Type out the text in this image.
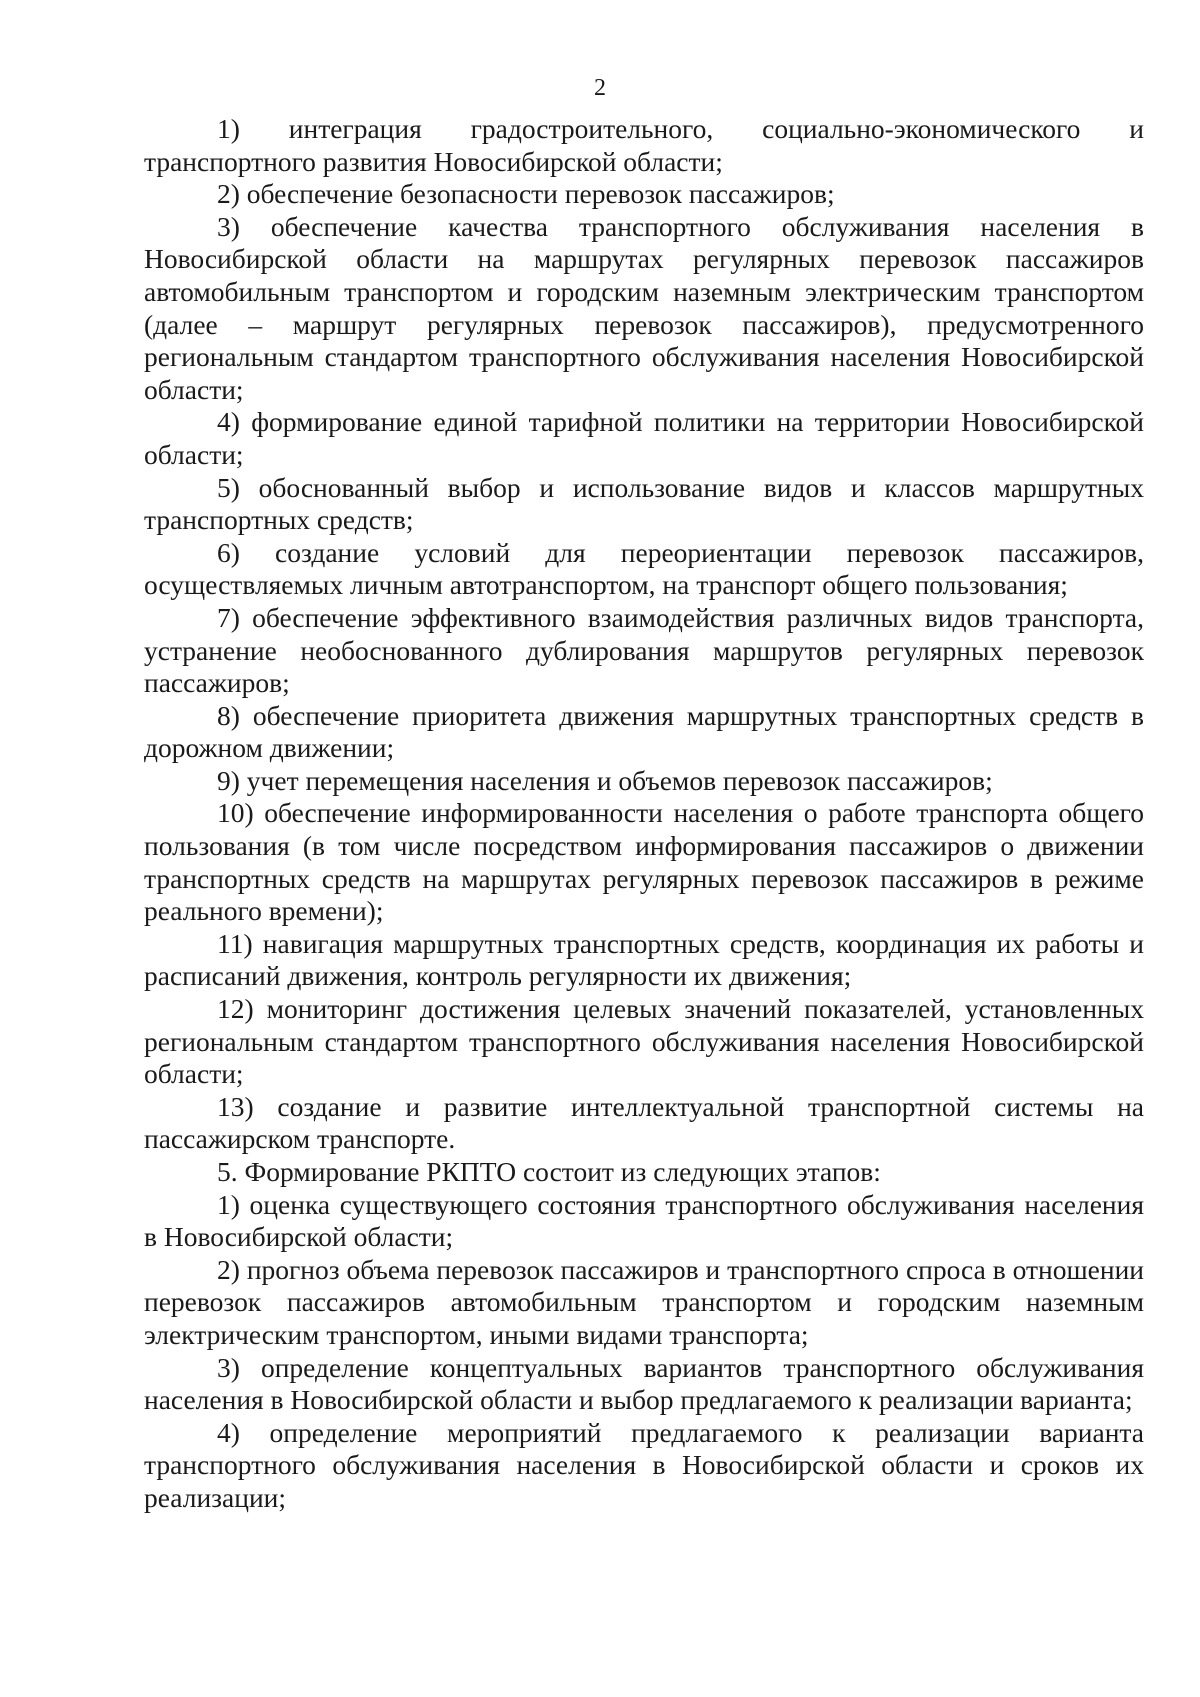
2

1) интеграция градостроительного, социально-экономического и транспортного развития Новосибирской области;

2) обеспечение безопасности перевозок пассажиров;

3) обеспечение качества транспортного обслуживания населения в Новосибирской области на маршрутах регулярных перевозок пассажиров автомобильным транспортом и городским наземным электрическим транспортом (далее – маршрут регулярных перевозок пассажиров), предусмотренного региональным стандартом транспортного обслуживания населения Новосибирской области;

4) формирование единой тарифной политики на территории Новосибирской области;

5) обоснованный выбор и использование видов и классов маршрутных транспортных средств;

6) создание условий для переориентации перевозок пассажиров, осуществляемых личным автотранспортом, на транспорт общего пользования;

7) обеспечение эффективного взаимодействия различных видов транспорта, устранение необоснованного дублирования маршрутов регулярных перевозок пассажиров;

8) обеспечение приоритета движения маршрутных транспортных средств в дорожном движении;

9) учет перемещения населения и объемов перевозок пассажиров;

10) обеспечение информированности населения о работе транспорта общего пользования (в том числе посредством информирования пассажиров о движении транспортных средств на маршрутах регулярных перевозок пассажиров в режиме реального времени);

11) навигация маршрутных транспортных средств, координация их работы и расписаний движения, контроль регулярности их движения;

12) мониторинг достижения целевых значений показателей, установленных региональным стандартом транспортного обслуживания населения Новосибирской области;

13) создание и развитие интеллектуальной транспортной системы на пассажирском транспорте.

5. Формирование РКПТО состоит из следующих этапов:

1) оценка существующего состояния транспортного обслуживания населения в Новосибирской области;

2) прогноз объема перевозок пассажиров и транспортного спроса в отношении перевозок пассажиров автомобильным транспортом и городским наземным электрическим транспортом, иными видами транспорта;

3) определение концептуальных вариантов транспортного обслуживания населения в Новосибирской области и выбор предлагаемого к реализации варианта;

4) определение мероприятий предлагаемого к реализации варианта транспортного обслуживания населения в Новосибирской области и сроков их реализации;
